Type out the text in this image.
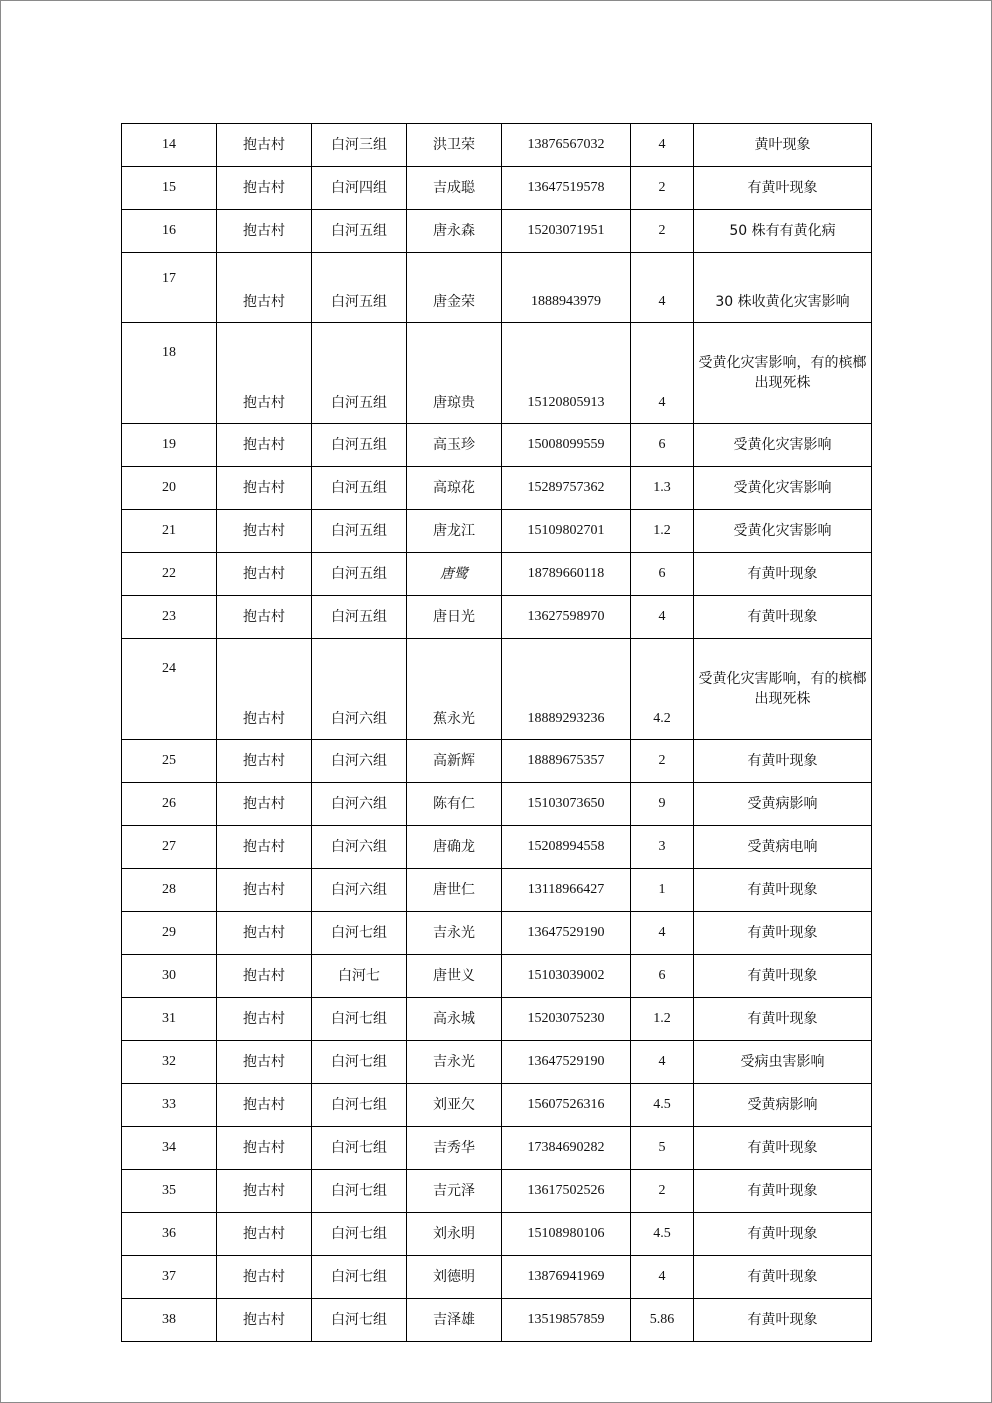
14	抱古村	白河三组	洪卫荣	13876567032	4	黄叶现象
15	抱古村	白河四组	吉成聪	13647519578	2	有黄叶现象
16	抱古村	白河五组	唐永森	15203071951	2	50 株有有黄化病
17	抱古村	白河五组	唐金荣	1888943979	4	30 株收黄化灾害影响
18	抱古村	白河五组	唐琼贵	15120805913	4	受黄化灾害影响，有的槟榔出现死株
19	抱古村	白河五组	高玉珍	15008099559	6	受黄化灾害影响
20	抱古村	白河五组	高琼花	15289757362	1.3	受黄化灾害影响
21	抱古村	白河五组	唐龙江	15109802701	1.2	受黄化灾害影响
22	抱古村	白河五组	唐鹭	18789660118	6	有黄叶现象
23	抱古村	白河五组	唐日光	13627598970	4	有黄叶现象
24	抱古村	白河六组	蕉永光	18889293236	4.2	受黄化灾害彫响，有的槟榔出现死株
25	抱古村	白河六组	高新辉	18889675357	2	有黄叶现象
26	抱古村	白河六组	陈有仁	15103073650	9	受黄病影响
27	抱古村	白河六组	唐确龙	15208994558	3	受黄病电响
28	抱古村	白河六组	唐世仁	13118966427	1	有黄叶现象
29	抱古村	白河七组	吉永光	13647529190	4	有黄叶现象
30	抱古村	白河七	唐世义	15103039002	6	有黄叶现象
31	抱古村	白河七组	高永城	15203075230	1.2	有黄叶现象
32	抱古村	白河七组	吉永光	13647529190	4	受病虫害影响
33	抱古村	白河七组	刘亚欠	15607526316	4.5	受黄病影响
34	抱古村	白河七组	吉秀华	17384690282	5	有黄叶现象
35	抱古村	白河七组	吉元泽	13617502526	2	有黄叶现象
36	抱古村	白河七组	刘永明	15108980106	4.5	有黄叶现象
37	抱古村	白河七组	刘德明	13876941969	4	有黄叶现象
38	抱古村	白河七组	吉泽雄	13519857859	5.86	有黄叶现象
